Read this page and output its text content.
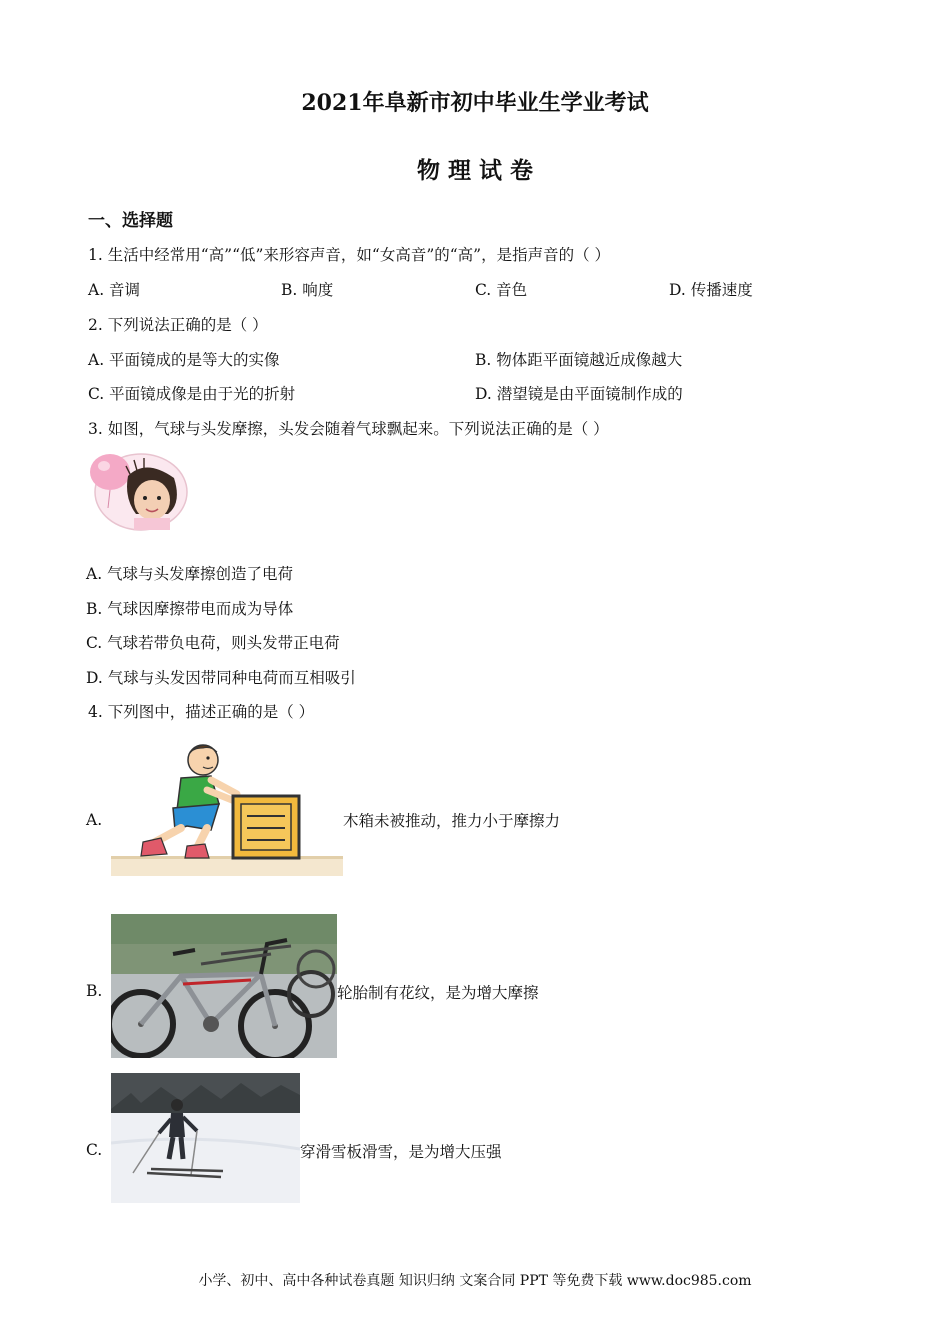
2021年阜新市初中毕业生学业考试
物 理 试 卷
一、选择题
1. 生活中经常用“高”“低”来形容声音，如“女高音”的“高”，是指声音的（ ）
A. 音调	B. 响度	C. 音色	D. 传播速度
2. 下列说法正确的是（ ）
A. 平面镜成的是等大的实像	B. 物体距平面镜越近成像越大
C. 平面镜成像是由于光的折射	D. 潜望镜是由平面镜制作成的
3. 如图，气球与头发摩擦，头发会随着气球飘起来。下列说法正确的是（ ）
A. 气球与头发摩擦创造了电荷
B. 气球因摩擦带电而成为导体
C. 气球若带负电荷，则头发带正电荷
D. 气球与头发因带同种电荷而互相吸引
4. 下列图中，描述正确的是（ ）
A.	木箱未被推动，推力小于摩擦力
B.	轮胎制有花纹，是为增大摩擦
C.	穿滑雪板滑雪，是为增大压强
小学、初中、高中各种试卷真题 知识归纳 文案合同 PPT 等免费下载 www.doc985.com
